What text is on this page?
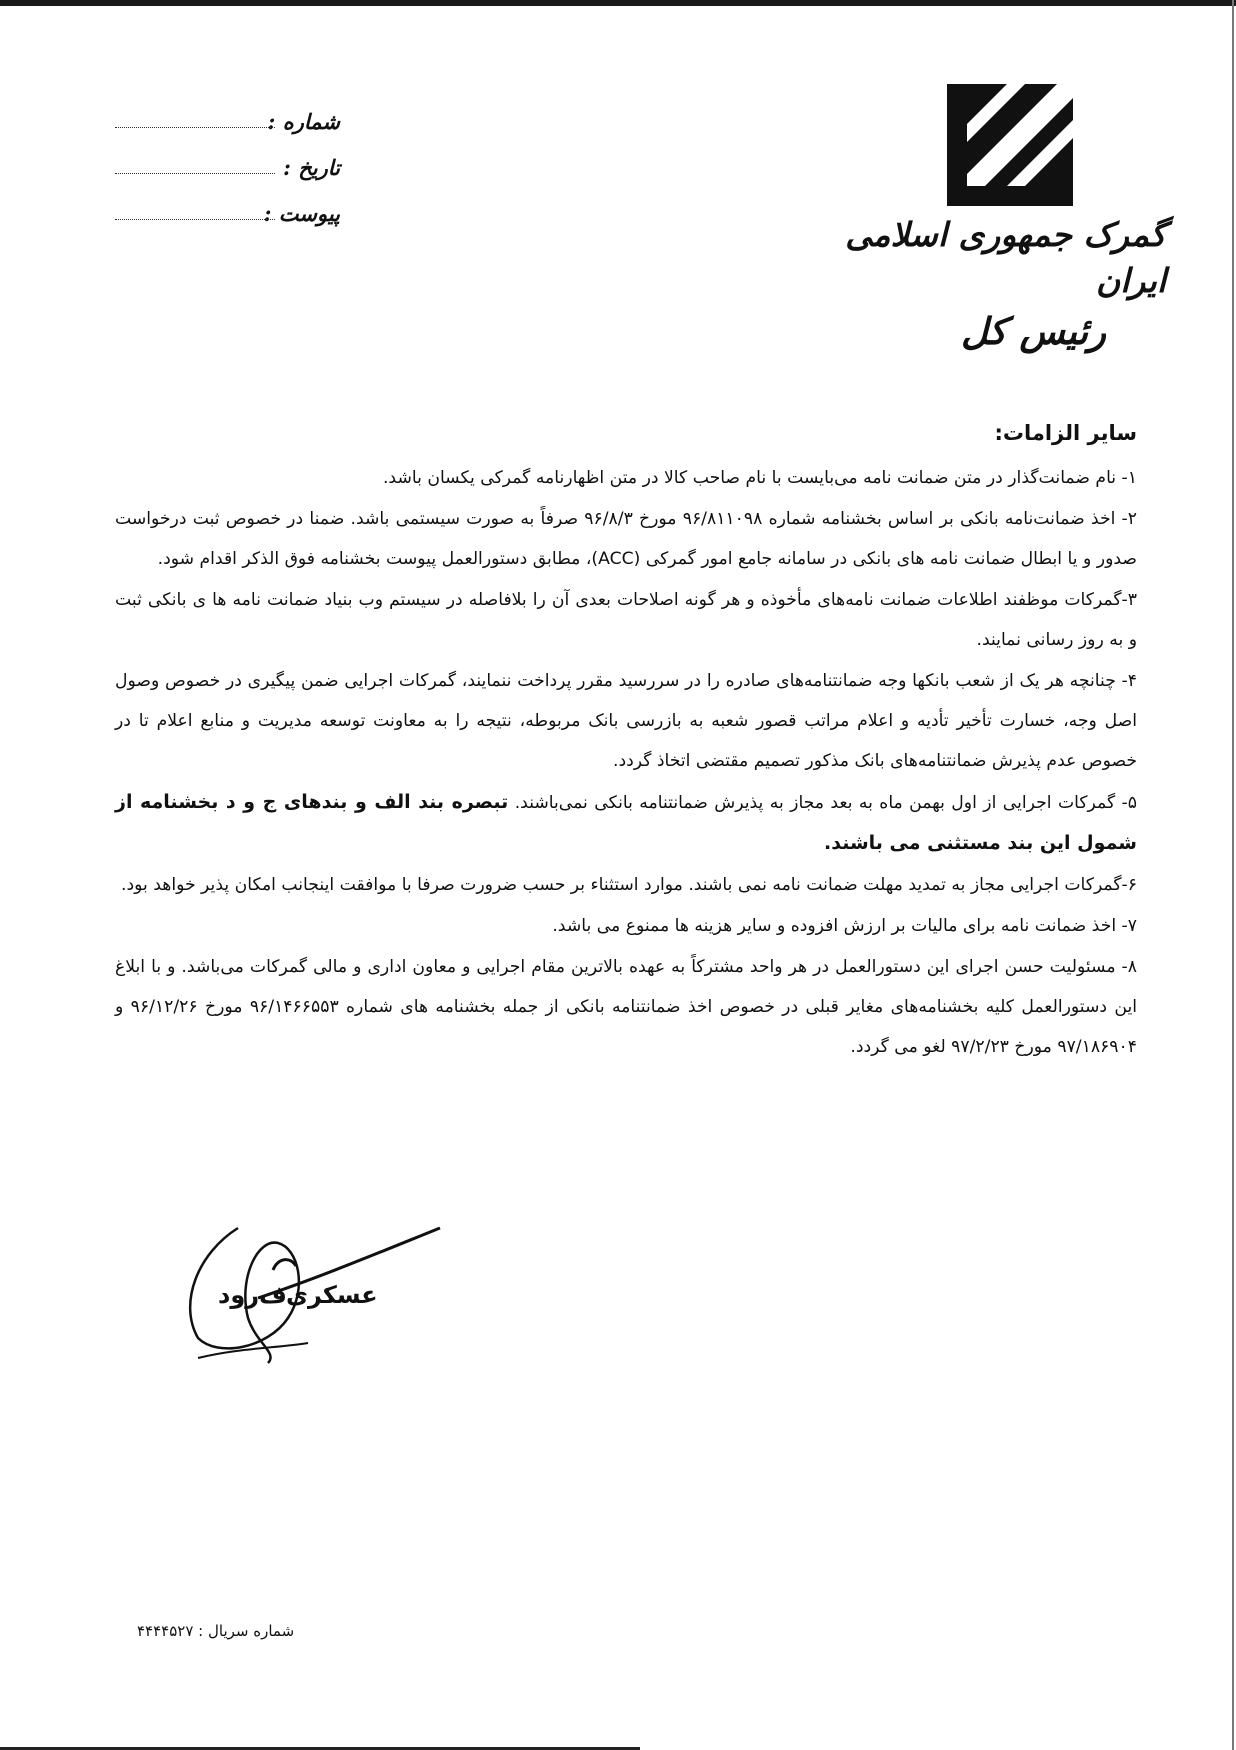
شماره :
تاریخ :
پیوست :
گمرک جمهوری اسلامی ایران
رئیس کل

سایر الزامات:

۱- نام ضمانت‌گذار در متن ضمانت نامه می‌بایست با نام صاحب کالا در متن اظهارنامه گمرکی یکسان باشد.

۲- اخذ ضمانت‌نامه بانکی بر اساس بخشنامه شماره ۹۶/۸۱۱۰۹۸ مورخ ۹۶/۸/۳ صرفاً به صورت سیستمی باشد. ضمنا در خصوص ثبت درخواست صدور و یا ابطال ضمانت نامه های بانکی در سامانه جامع امور گمرکی (ACC)، مطابق دستورالعمل پیوست بخشنامه فوق الذکر اقدام شود.

۳-گمرکات موظفند اطلاعات ضمانت نامه‌های مأخوذه و هر گونه اصلاحات بعدی آن را بلافاصله در سیستم وب بنیاد ضمانت نامه ها ی بانکی ثبت و به روز رسانی نمایند.

۴- چنانچه هر یک از شعب بانکها وجه ضمانتنامه‌های صادره را در سررسید مقرر پرداخت ننمایند، گمرکات اجرایی ضمن پیگیری در خصوص وصول اصل وجه، خسارت تأخیر تأدیه و اعلام مراتب قصور شعبه به بازرسی بانک مربوطه، نتیجه را به معاونت توسعه مدیریت و منابع اعلام تا در خصوص عدم پذیرش ضمانتنامه‌های بانک مذکور تصمیم مقتضی اتخاذ گردد.

۵- گمرکات اجرایی از اول بهمن ماه به بعد مجاز به پذیرش ضمانتنامه بانکی نمی‌باشند. تبصره بند الف و بندهای ج و د بخشنامه از شمول این بند مستثنی می باشند.

۶-گمرکات اجرایی مجاز به تمدید مهلت ضمانت نامه نمی باشند. موارد استثناء بر حسب ضرورت صرفا با موافقت اینجانب امکان پذیر خواهد بود.

۷- اخذ ضمانت نامه برای مالیات بر ارزش افزوده و سایر هزینه ها ممنوع می باشد.

۸- مسئولیت حسن اجرای این دستورالعمل در هر واحد مشترکاً به عهده بالاترین مقام اجرایی و معاون اداری و مالی گمرکات می‌باشد. و با ابلاغ این دستورالعمل کلیه بخشنامه‌های مغایر قبلی در خصوص اخذ ضمانتنامه بانکی از جمله بخشنامه های شماره ۹۶/۱۴۶۶۵۵۳ مورخ ۹۶/۱۲/۲۶ و ۹۷/۱۸۶۹۰۴ مورخ ۹۷/۲/۲۳ لغو می گردد.

ف‌رود عسکری
شماره سریال : ۴۴۴۴۵۲۷
